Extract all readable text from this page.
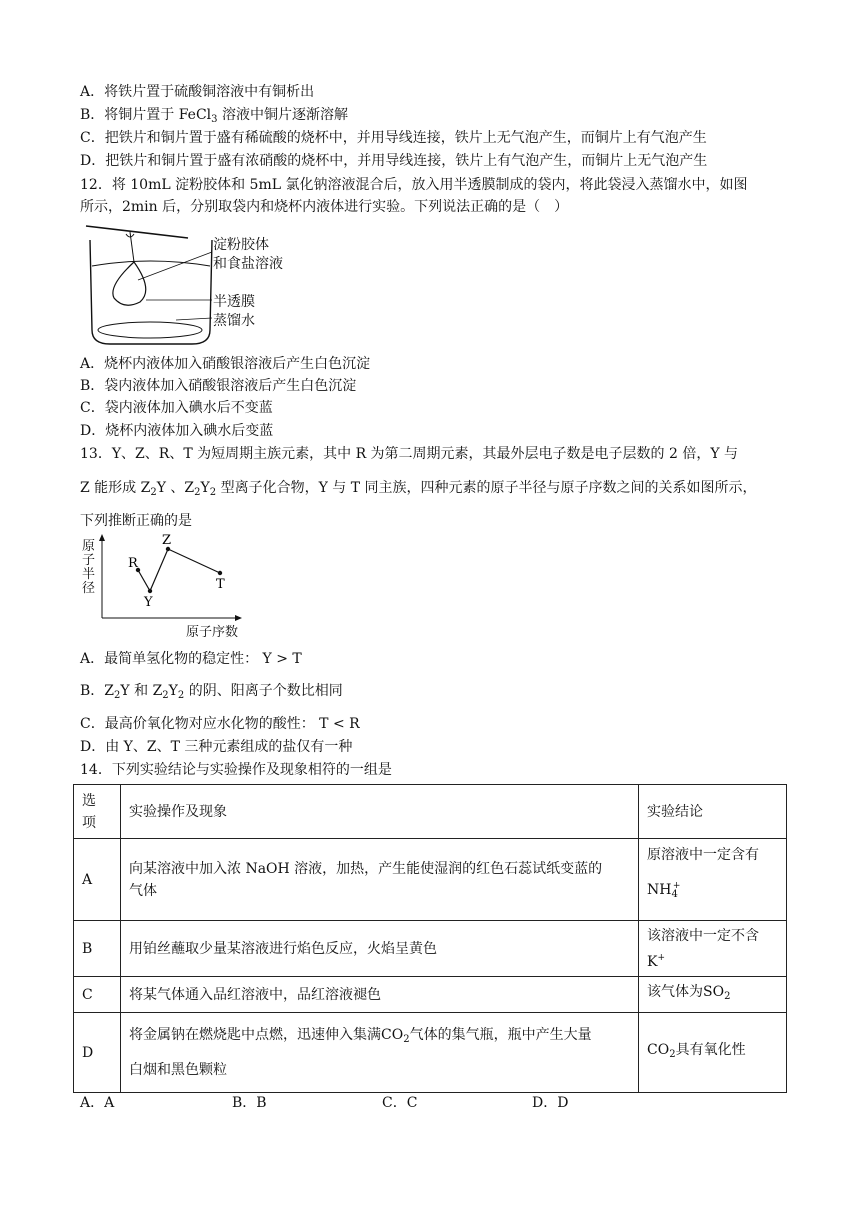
A．将铁片置于硫酸铜溶液中有铜析出
B．将铜片置于 FeCl$_3$ 溶液中铜片逐渐溶解
C．把铁片和铜片置于盛有稀硫酸的烧杯中，并用导线连接，铁片上无气泡产生，而铜片上有气泡产生
D．把铁片和铜片置于盛有浓硝酸的烧杯中，并用导线连接，铁片上有气泡产生，而铜片上无气泡产生
12．将 10mL 淀粉胶体和 5mL 氯化钠溶液混合后，放入用半透膜制成的袋内，将此袋浸入蒸馏水中，如图
所示，2min 后，分别取袋内和烧杯内液体进行实验。下列说法正确的是（　）
淀粉胶体
和食盐溶液
半透膜
蒸馏水
A．烧杯内液体加入硝酸银溶液后产生白色沉淀
B．袋内液体加入硝酸银溶液后产生白色沉淀
C．袋内液体加入碘水后不变蓝
D．烧杯内液体加入碘水后变蓝
13．Y、Z、R、T 为短周期主族元素，其中 R 为第二周期元素，其最外层电子数是电子层数的 2 倍，Y 与
Z 能形成 $Z_2Y$ 、$Z_2Y_2$ 型离子化合物，Y 与 T 同主族，四种元素的原子半径与原子序数之间的关系如图所示，
下列推断正确的是
R
Y
Z
T
原子半径
原子序数
A．最简单氢化物的稳定性： Y > T
B．$Z_2Y$ 和 $Z_2Y_2$ 的阴、阳离子个数比相同
C．最高价氧化物对应水化物的酸性： T < R
D．由 Y、Z、T 三种元素组成的盐仅有一种
14．下列实验结论与实验操作及现象相符的一组是
选
项	实验操作及现象	实验结论
A	向某溶液中加入浓 NaOH 溶液，加热，产生能使湿润的红色石蕊试纸变蓝的
气体	原溶液中一定含有
$NH_4^+$
B	用铂丝蘸取少量某溶液进行焰色反应，火焰呈黄色	该溶液中一定不含
K+
C	将某气体通入品红溶液中，品红溶液褪色	该气体为$SO_2$
D	将金属钠在燃烧匙中点燃，迅速伸入集满$CO_2$气体的集气瓶，瓶中产生大量
白烟和黑色颗粒	$CO_2$具有氧化性
A．A	B．B	C．C	D．D
